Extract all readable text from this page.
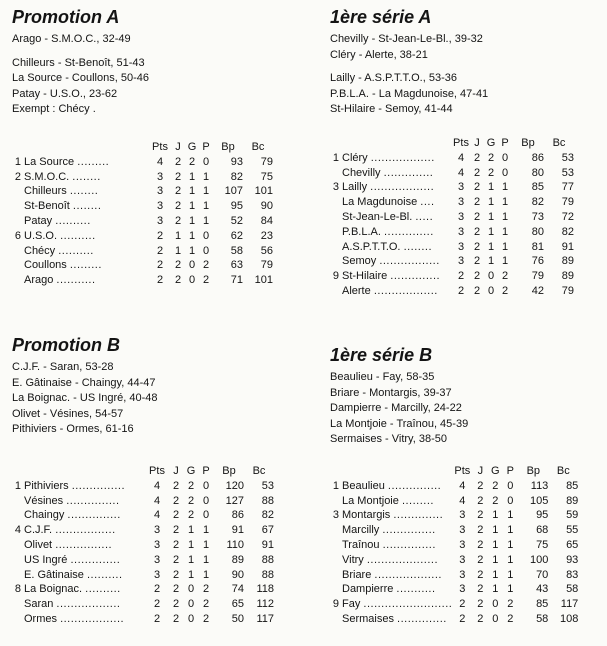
Promotion A
Arago - S.M.O.C., 32-49
Chilleurs - St-Benoît, 51-43
La Source - Coullons, 50-46
Patay - U.S.O., 23-62
Exempt : Chécy .
		Pts	J	G	P	Bp	Bc
1	La Source .........	4	2	2	0	93	79
2	S.M.O.C. ........	3	2	1	1	82	75
	Chilleurs ........	3	2	1	1	107	101
	St-Benoît ........	3	2	1	1	95	90
	Patay ..........	3	2	1	1	52	84
6	U.S.O. ..........	2	1	1	0	62	23
	Chécy ..........	2	1	1	0	58	56
	Coullons .........	2	2	0	2	63	79
	Arago ...........	2	2	0	2	71	101
1ère série A
Chevilly - St-Jean-Le-Bl., 39-32
Cléry - Alerte, 38-21
Lailly - A.S.P.T.T.O., 53-36
P.B.L.A. - La Magdunoise, 47-41
St-Hilaire - Semoy, 41-44
		Pts	J	G	P	Bp	Bc
1	Cléry ..................	4	2	2	0	86	53
	Chevilly ..............	4	2	2	0	80	53
3	Lailly ..................	3	2	1	1	85	77
	La Magdunoise ....	3	2	1	1	82	79
	St-Jean-Le-Bl. .....	3	2	1	1	73	72
	P.B.L.A. ..............	3	2	1	1	80	82
	A.S.P.T.T.O. ........	3	2	1	1	81	91
	Semoy .................	3	2	1	1	76	89
9	St-Hilaire ..............	2	2	0	2	79	89
	Alerte ..................	2	2	0	2	42	79
Promotion B
C.J.F. - Saran, 53-28
E. Gâtinaise - Chaingy, 44-47
La Boignac. - US Ingré, 40-48
Olivet - Vésines, 54-57
Pithiviers - Ormes, 61-16
		Pts	J	G	P	Bp	Bc
1	Pithiviers ...............	4	2	2	0	120	53
	Vésines ...............	4	2	2	0	127	88
	Chaingy ...............	4	2	2	0	86	82
4	C.J.F. .................	3	2	1	1	91	67
	Olivet ................	3	2	1	1	110	91
	US Ingré ..............	3	2	1	1	89	88
	E. Gâtinaise ..........	3	2	1	1	90	88
8	La Boignac. ..........	2	2	0	2	74	118
	Saran ..................	2	2	0	2	65	112
	Ormes ..................	2	2	0	2	50	117
1ère série B
Beaulieu - Fay, 58-35
Briare - Montargis, 39-37
Dampierre - Marcilly, 24-22
La Montjoie - Traînou, 45-39
Sermaises - Vitry, 38-50
		Pts	J	G	P	Bp	Bc
1	Beaulieu ...............	4	2	2	0	113	85
	La Montjoie .........	4	2	2	0	105	89
3	Montargis ..............	3	2	1	1	95	59
	Marcilly ...............	3	2	1	1	68	55
	Traînou ...............	3	2	1	1	75	65
	Vitry ....................	3	2	1	1	100	93
	Briare ...................	3	2	1	1	70	83
	Dampierre ...........	3	2	1	1	43	58
9	Fay .........................	2	2	0	2	85	117
	Sermaises ..............	2	2	0	2	58	108
